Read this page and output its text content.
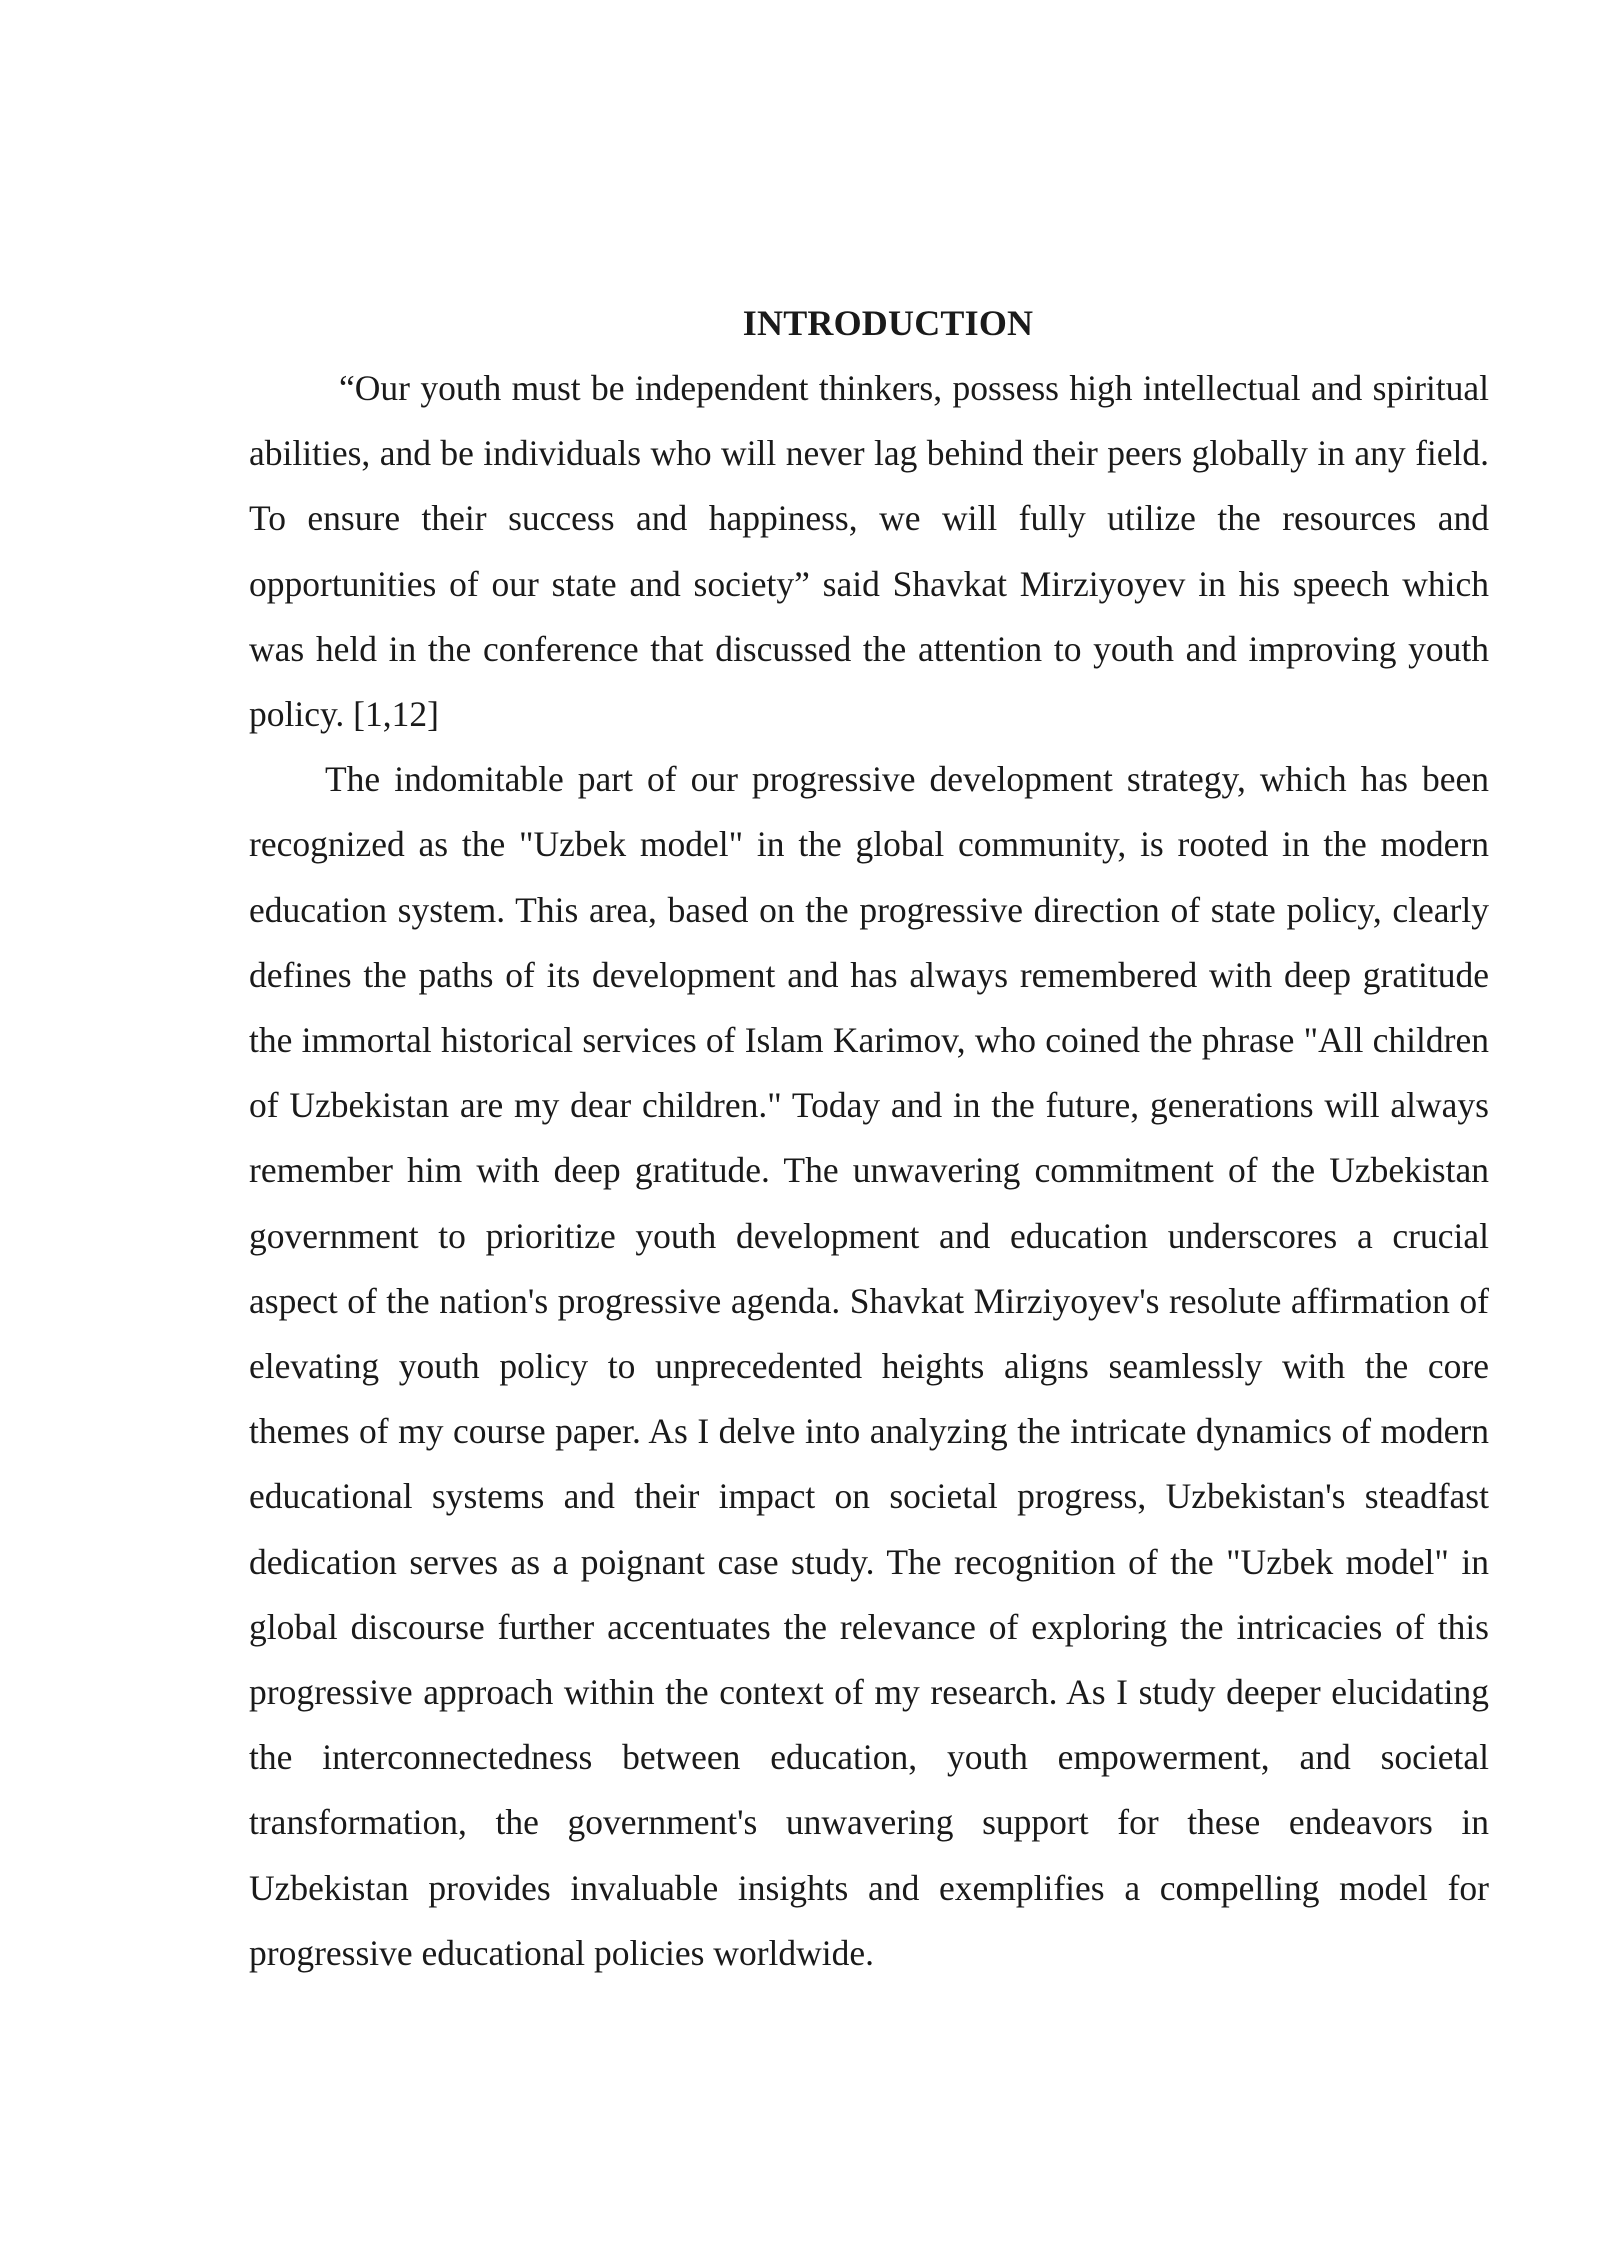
INTRODUCTION

“Our youth must be independent thinkers, possess high intellectual and spiritual abilities, and be individuals who will never lag behind their peers globally in any field. To ensure their success and happiness, we will fully utilize the resources and opportunities of our state and society” said Shavkat Mirziyoyev in his speech which was held in the conference that discussed the attention to youth and improving youth policy. [1,12]

The indomitable part of our progressive development strategy, which has been recognized as the "Uzbek model" in the global community, is rooted in the modern education system. This area, based on the progressive direction of state policy, clearly defines the paths of its development and has always remembered with deep gratitude the immortal historical services of Islam Karimov, who coined the phrase "All children of Uzbekistan are my dear children." Today and in the future, generations will always remember him with deep gratitude. The unwavering commitment of the Uzbekistan government to prioritize youth development and education underscores a crucial aspect of the nation's progressive agenda. Shavkat Mirziyoyev's resolute affirmation of elevating youth policy to unprecedented heights aligns seamlessly with the core themes of my course paper. As I delve into analyzing the intricate dynamics of modern educational systems and their impact on societal progress, Uzbekistan's steadfast dedication serves as a poignant case study. The recognition of the "Uzbek model" in global discourse further accentuates the relevance of exploring the intricacies of this progressive approach within the context of my research. As I study deeper elucidating the interconnectedness between education, youth empowerment, and societal transformation, the government's unwavering support for these endeavors in Uzbekistan provides invaluable insights and exemplifies a compelling model for progressive educational policies worldwide.
